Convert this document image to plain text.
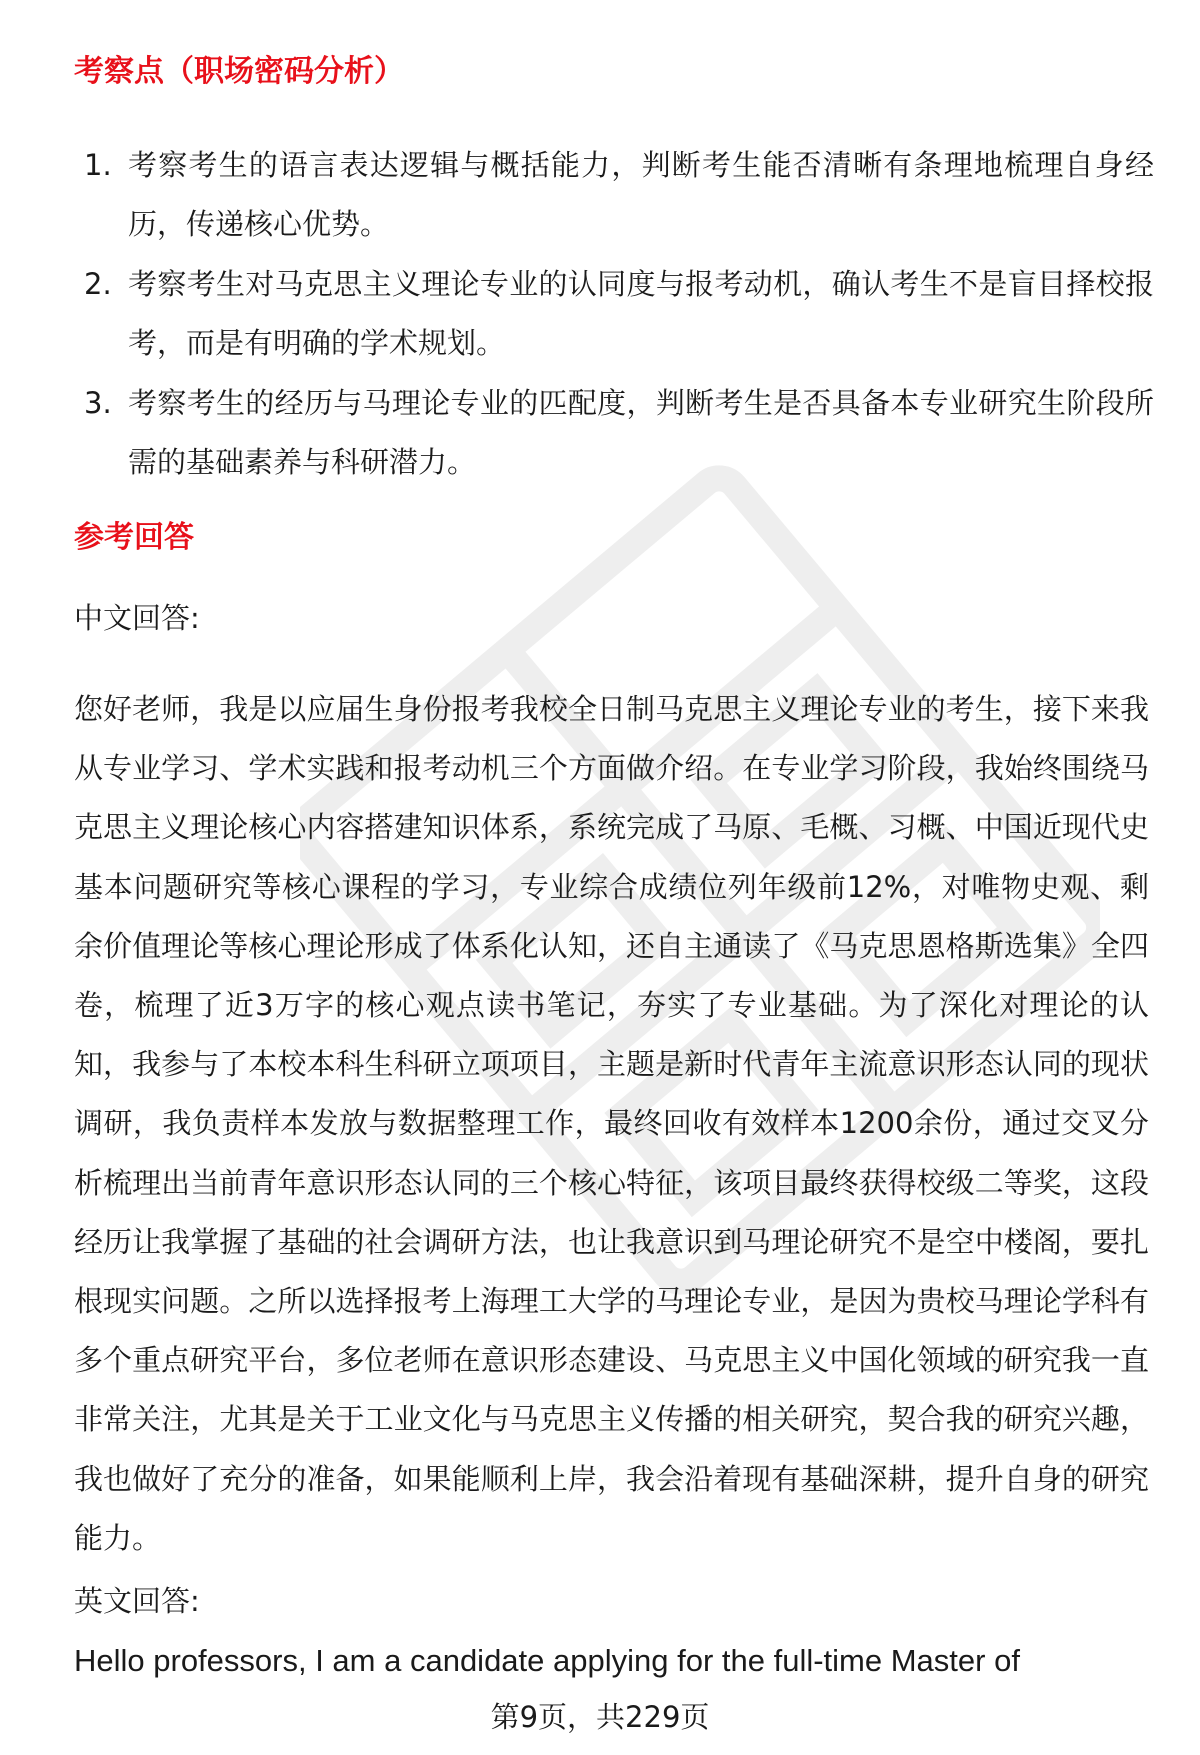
考察点（职场密码分析）
1. 考察考生的语言表达逻辑与概括能力，判断考生能否清晰有条理地梳理自身经历，传递核心优势。
2. 考察考生对马克思主义理论专业的认同度与报考动机，确认考生不是盲目择校报考，而是有明确的学术规划。
3. 考察考生的经历与马理论专业的匹配度，判断考生是否具备本专业研究生阶段所需的基础素养与科研潜力。
参考回答
中文回答:

您好老师，我是以应届生身份报考我校全日制马克思主义理论专业的考生，接下来我从专业学习、学术实践和报考动机三个方面做介绍。在专业学习阶段，我始终围绕马克思主义理论核心内容搭建知识体系，系统完成了马原、毛概、习概、中国近现代史基本问题研究等核心课程的学习，专业综合成绩位列年级前12%，对唯物史观、剩余价值理论等核心理论形成了体系化认知，还自主通读了《马克思恩格斯选集》全四卷，梳理了近3万字的核心观点读书笔记，夯实了专业基础。为了深化对理论的认知，我参与了本校本科生科研立项项目，主题是新时代青年主流意识形态认同的现状调研，我负责样本发放与数据整理工作，最终回收有效样本1200余份，通过交叉分析梳理出当前青年意识形态认同的三个核心特征，该项目最终获得校级二等奖，这段经历让我掌握了基础的社会调研方法，也让我意识到马理论研究不是空中楼阁，要扎根现实问题。之所以选择报考上海理工大学的马理论专业，是因为贵校马理论学科有多个重点研究平台，多位老师在意识形态建设、马克思主义中国化领域的研究我一直非常关注，尤其是关于工业文化与马克思主义传播的相关研究，契合我的研究兴趣，我也做好了充分的准备，如果能顺利上岸，我会沿着现有基础深耕，提升自身的研究能力。

英文回答:
Hello professors, I am a candidate applying for the full-time Master of
第9页，共229页
